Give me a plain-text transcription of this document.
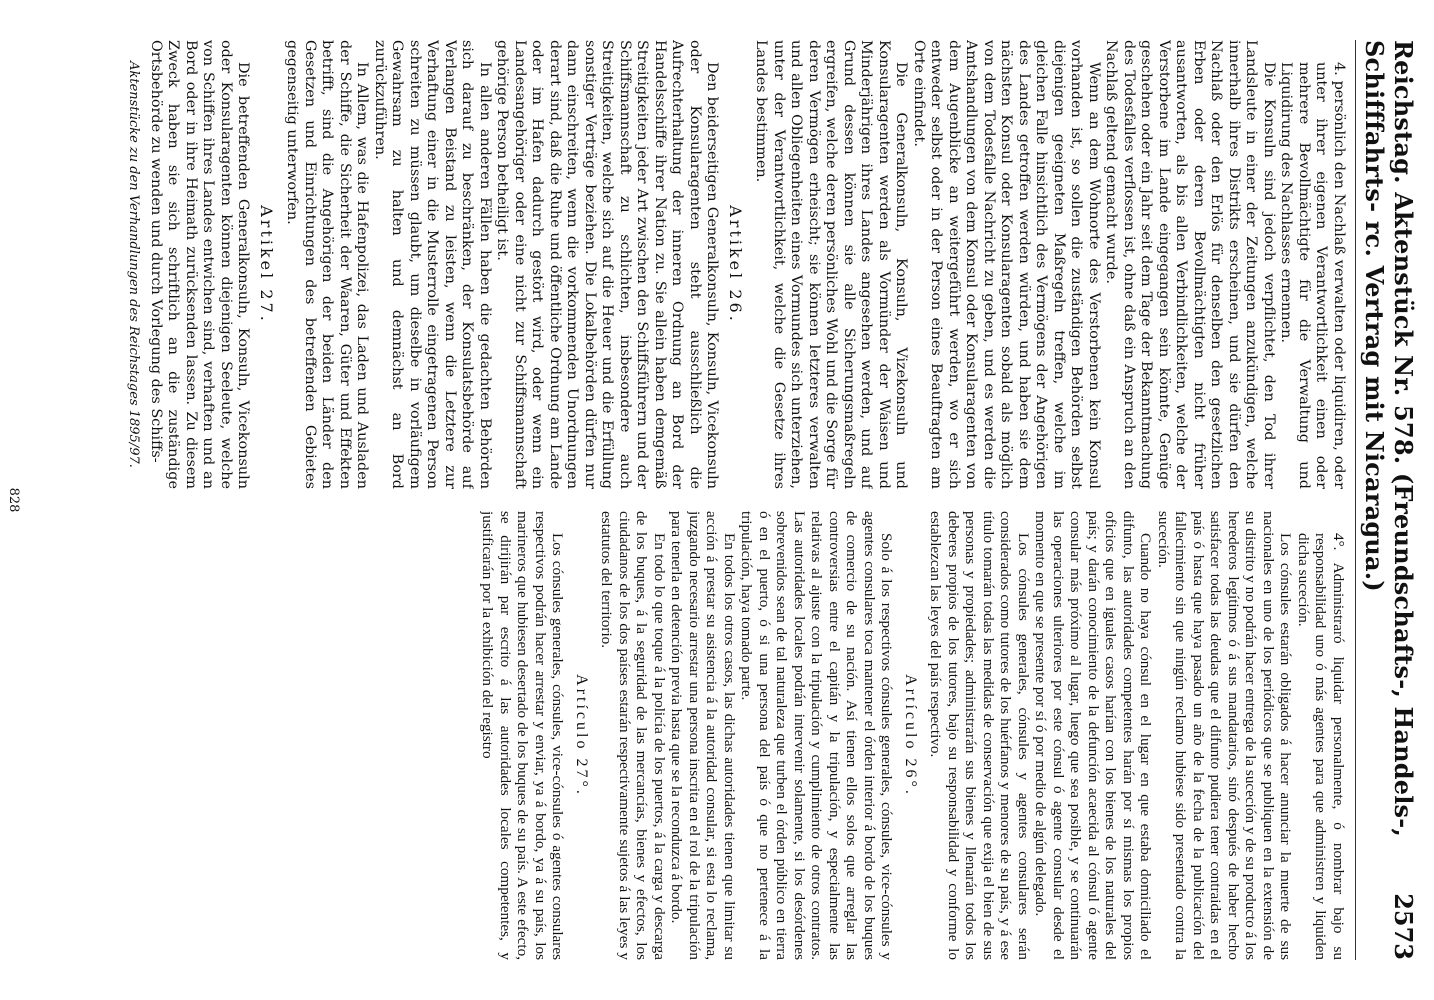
Reichstag. Aktenstück Nr. 578. (Freundschafts-, Handels-, Schifffahrts- rc. Vertrag mit Nicaragua.)
2573

4. persönlich den Nachlaß verwalten oder liquidiren, oder unter ihrer eigenen Verantwortlichkeit einen oder mehrere Bevollmächtigte für die Verwaltung und Liquidirung des Nachlasses ernennen.

Die Konsuln sind jedoch verpflichtet, den Tod ihrer Landsleute in einer der Zeitungen anzukündigen, welche innerhalb ihres Distrikts erscheinen, und sie dürfen den Nachlaß oder den Erlös für denselben den gesetzlichen Erben oder deren Bevollmächtigten nicht früher ausantworten, als bis allen Verbindlichkeiten, welche der Verstorbene im Lande eingegangen sein könnte, Genüge geschehen oder ein Jahr seit dem Tage der Bekanntmachung des Todesfalles verflossen ist, ohne daß ein Anspruch an den Nachlaß geltend gemacht wurde.

Wenn an dem Wohnorte des Verstorbenen kein Konsul vorhanden ist, so sollen die zuständigen Behörden selbst diejenigen geeigneten Maßregeln treffen, welche im gleichen Falle hinsichtlich des Vermögens der Angehörigen des Landes getroffen werden würden, und haben sie dem nächsten Konsul oder Konsularagenten sobald als möglich von dem Todesfalle Nachricht zu geben, und es werden die Amtshandlungen von dem Konsul oder Konsularagenten von dem Augenblicke an weitergeführt werden, wo er sich entweder selbst oder in der Person eines Beauftragten am Orte einfindet.

Die Generalkonsuln, Konsuln, Vizekonsuln und Konsularagenten werden als Vormünder der Waisen und Minderjährigen ihres Landes angesehen werden, und auf Grund dessen können sie alle Sicherungsmaßregeln ergreifen, welche deren persönliches Wohl und die Sorge für deren Vermögen erheischt; sie können letzteres verwalten und allen Obliegenheiten eines Vormundes sich unterziehen, unter der Verantwortlichkeit, welche die Gesetze ihres Landes bestimmen.

Artikel 26.

Den beiderseitigen Generalkonsuln, Konsuln, Vicekonsuln oder Konsularagenten steht ausschließlich die Aufrechterhaltung der inneren Ordnung an Bord der Handelsschiffe ihrer Nation zu. Sie allein haben demgemäß Streitigkeiten jeder Art zwischen den Schiffsführern und der Schiffsmannschaft zu schlichten, insbesondere auch Streitigkeiten, welche sich auf die Heuer und die Erfüllung sonstiger Verträge beziehen. Die Lokalbehörden dürfen nur dann einschreiten, wenn die vorkommenden Unordnungen derart sind, daß die Ruhe und öffentliche Ordnung am Lande oder im Hafen dadurch gestört wird, oder wenn ein Landesangehöriger oder eine nicht zur Schiffsmannschaft gehörige Person betheiligt ist.

In allen anderen Fällen haben die gedachten Behörden sich darauf zu beschränken, der Konsulatsbehörde auf Verlangen Beistand zu leisten, wenn die Letztere zur Verhaftung einer in die Musterrolle eingetragenen Person schreiten zu müssen glaubt, um dieselbe in vorläufigem Gewahrsam zu halten und demnächst an Bord zurückzuführen.

In Allem, was die Hafenpolizei, das Laden und Ausladen der Schiffe, die Sicherheit der Waaren, Güter und Effekten betrifft, sind die Angehörigen der beiden Länder den Gesetzen und Einrichtungen des betreffenden Gebietes gegenseitig unterworfen.

Artikel 27.

Die betreffenden Generalkonsuln, Konsuln, Vicekonsuln oder Konsularagenten können diejenigen Seeleute, welche von Schiffen ihres Landes entwichen sind, verhaften und an Bord oder in ihre Heimath zurücksenden lassen. Zu diesem Zweck haben sie sich schriftlich an die zuständige Ortsbehörde zu wenden und durch Vorlegung des Schiffs-

Aktenstücke zu den Verhandlungen des Reichstages 1895/97.

4°. Administraró liquidar personalmente, ó nombrar bajo su responsabilidad uno ó más agentes para que administren y liquiden dicha suceción.

Los cónsules estarán obligados á hacer anunciar la muerte de sus nacionales en uno de los periódicos que se publiquen en la extensión de su distrito y no podrán hacer entrega de la suceción y de su producto á los herederos legítimos ó á sus mandatarios, sinó después de haber hecho satisfacer todas las deudas que el difunto pudiera tener contraidas en el país ó hasta que haya pasado un año de la fecha de la publicación del fallecimiento sin que ningún reclamo hubiese sido presentado contra la suceción.

Cuando no haya cónsul en el lugar en que estaba domiciliado el difunto, las autoridades competentes harán por sí mismas los propios oficios que en iguales casos harían con los bienes de los naturales del país; y darán conocimiento de la defunción acaecida al cónsul ó agente consular más próximo al lugar, luego que sea posible, y se continuarán las operaciones ulteriores por este cónsul ó agente consular desde el momento en que se presente por sí ó por medio de algún delegado.

Los cónsules generales, cónsules y agentes consulares serán considerados como tutores de los huérfanos y menores de su país, y á ese título tomarán todas las medidas de conservación que exija el bien de sus personas y propiedades; administrarán sus bienes y llenarán todos los deberes propios de los tutores, bajo su responsabilidad y conforme lo establezcan las leyes del país respectivo.

Artículo 26°.

Solo á los respectivos cónsules generales, cónsules, vice-cónsules y agentes consulares toca mantener el órden interior á bordo de los buques de comercio de su nación. Así tienen ellos solos que arreglar las controversias entre el capitán y la tripulación, y especialmente las relativas al ajuste con la tripulación y cumplimiento de otros contratos. Las autoridades locales podrán intervenir solamente, si los desórdenes sobrevenidos sean de tal naturaleza que turben el órden público en tierra ó en el puerto, ó si una persona del país ó que no pertenece á la tripulación, haya tomado parte.

En todos los otros casos, las dichas autoridades tienen que limitar su acción á prestar su asistencia á la autoridad consular, si esta lo reclama, juzgando necesario arrestar una persona inscrita en el rol de la tripulación para tenerla en detención previa hasta que se la reconduzca á bordo.

En todo lo que toque á la policía de los puertos, á la carga y descarga de los buques, á la seguridad de las mercancías, bienes y efectos, los ciudadanos de los dos países estarán respectivamente sujetos á las leyes y estatutos del territorio.

Artículo 27°.

Los cónsules generales, cónsules, vice-cónsules ó agentes consulares respectivos podrán hacer arrestar y enviar, ya á bordo, ya á su país, los marineros que hubiesen desertado de los buques de su país. A este efecto, se dirijirán par escrito á las autoridades locales competentes, y justificarán por la exhibición del registro

828
